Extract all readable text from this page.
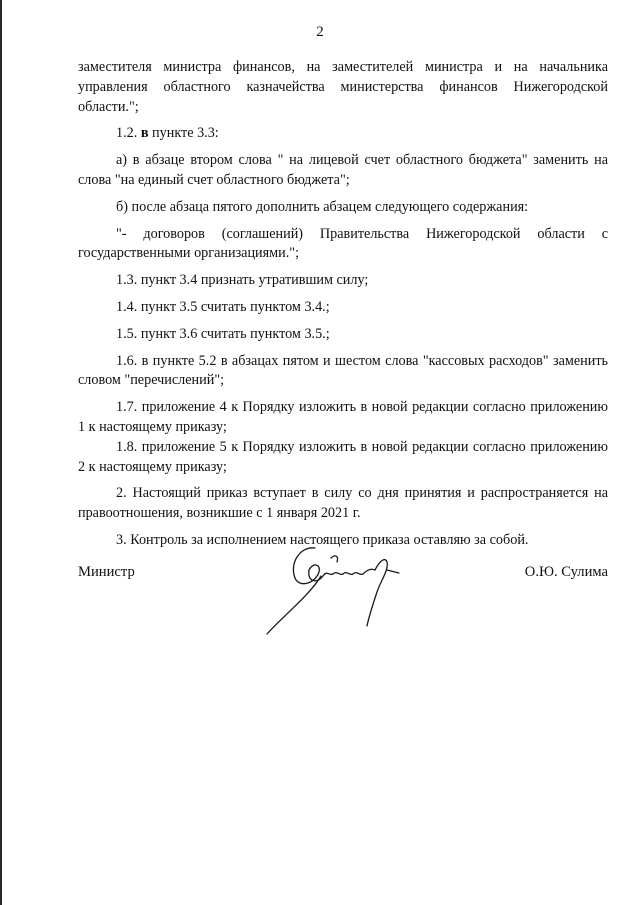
2

заместителя министра финансов, на заместителей министра и на начальника управления областного казначейства министерства финансов Нижегородской области.";

1.2. в пункте 3.3:

а) в абзаце втором слова " на лицевой счет областного бюджета" заменить на слова "на единый счет областного бюджета";

б) после абзаца пятого дополнить абзацем следующего содержания:

"- договоров (соглашений) Правительства Нижегородской области с государственными организациями.";

1.3. пункт 3.4 признать утратившим силу;

1.4. пункт 3.5 считать пунктом 3.4.;

1.5. пункт 3.6 считать пунктом 3.5.;

1.6. в пункте 5.2 в абзацах пятом и шестом слова "кассовых расходов" заменить словом "перечислений";

1.7. приложение 4 к Порядку изложить в новой редакции согласно приложению 1 к настоящему приказу;

1.8. приложение 5 к Порядку изложить в новой редакции согласно приложению 2 к настоящему приказу;

2. Настоящий приказ вступает в силу со дня принятия и распространяется на правоотношения, возникшие с 1 января 2021 г.

3. Контроль за исполнением настоящего приказа оставляю за собой.

Министр	О.Ю. Сулима
